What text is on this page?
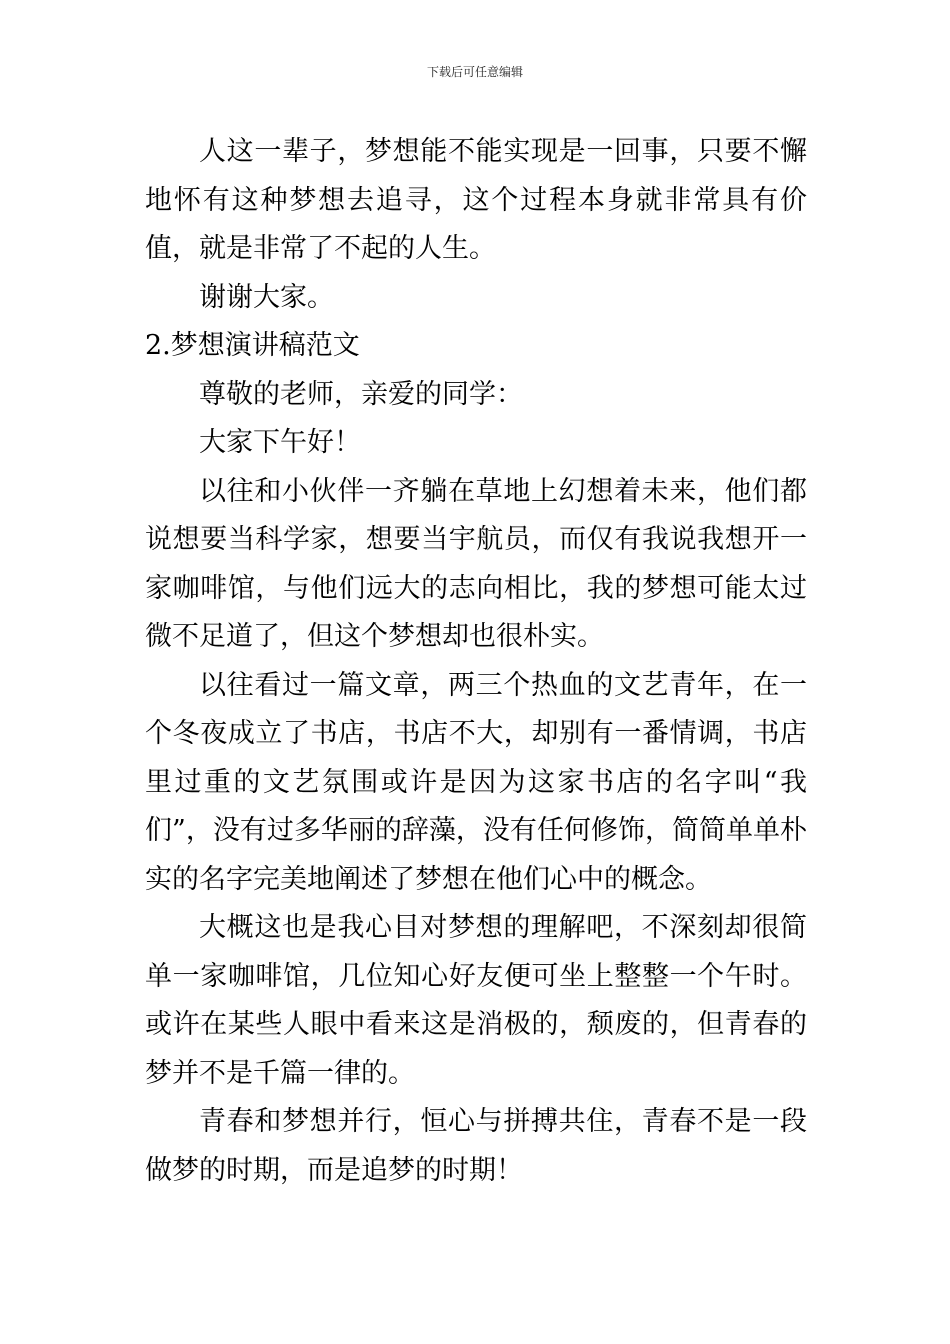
下载后可任意编辑

人这一辈子，梦想能不能实现是一回事，只要不懈地怀有这种梦想去追寻，这个过程本身就非常具有价值，就是非常了不起的人生。

谢谢大家。

2.梦想演讲稿范文

尊敬的老师，亲爱的同学：

大家下午好！

以往和小伙伴一齐躺在草地上幻想着未来，他们都说想要当科学家，想要当宇航员，而仅有我说我想开一家咖啡馆，与他们远大的志向相比，我的梦想可能太过微不足道了，但这个梦想却也很朴实。

以往看过一篇文章，两三个热血的文艺青年，在一个冬夜成立了书店，书店不大，却别有一番情调，书店里过重的文艺氛围或许是因为这家书店的名字叫“我们”，没有过多华丽的辞藻，没有任何修饰，简简单单朴实的名字完美地阐述了梦想在他们心中的概念。

大概这也是我心目对梦想的理解吧，不深刻却很简单一家咖啡馆，几位知心好友便可坐上整整一个午时。或许在某些人眼中看来这是消极的，颓废的，但青春的梦并不是千篇一律的。

青春和梦想并行，恒心与拼搏共住，青春不是一段做梦的时期，而是追梦的时期！
